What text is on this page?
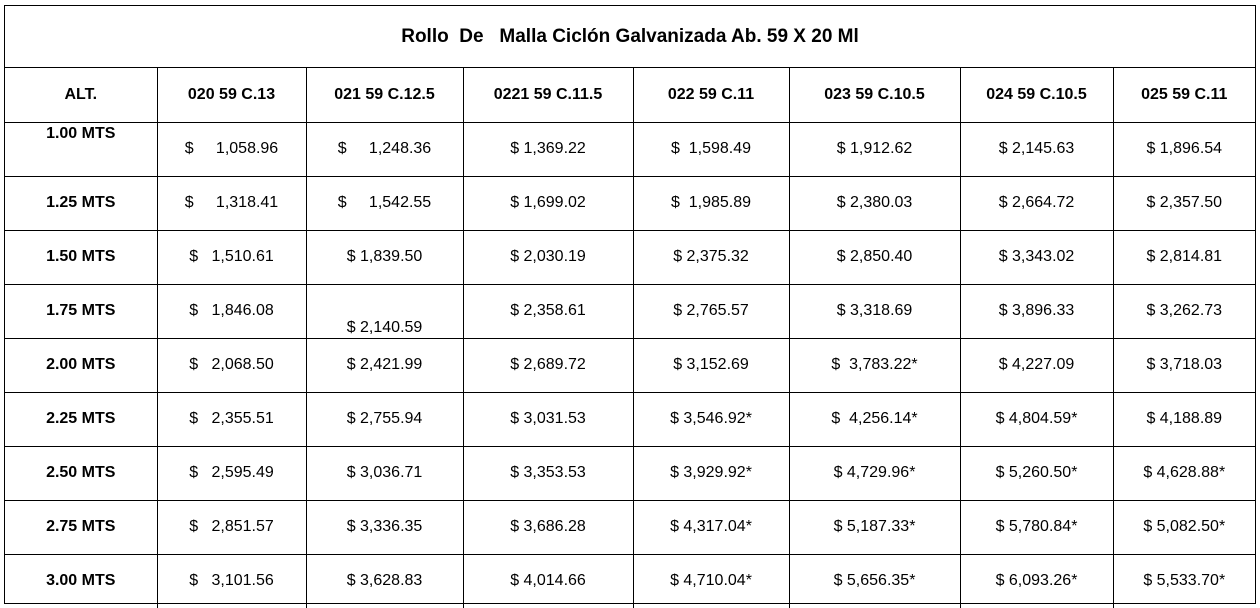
Rollo  De   Malla Ciclón Galvanizada Ab. 59 X 20 Ml
ALT.	020 59 C.13	021 59 C.12.5	0221 59 C.11.5	022 59 C.11	023 59 C.10.5	024 59 C.10.5	025 59 C.11
1.00 MTS	$     1,058.96	$     1,248.36	$ 1,369.22	$  1,598.49	$ 1,912.62	$ 2,145.63	$ 1,896.54
1.25 MTS	$     1,318.41	$     1,542.55	$ 1,699.02	$  1,985.89	$ 2,380.03	$ 2,664.72	$ 2,357.50
1.50 MTS	$   1,510.61	$ 1,839.50	$ 2,030.19	$ 2,375.32	$ 2,850.40	$ 3,343.02	$ 2,814.81
1.75 MTS	$   1,846.08	$ 2,140.59	$ 2,358.61	$ 2,765.57	$ 3,318.69	$ 3,896.33	$ 3,262.73
2.00 MTS	$   2,068.50	$ 2,421.99	$ 2,689.72	$ 3,152.69	$  3,783.22*	$ 4,227.09	$ 3,718.03
2.25 MTS	$   2,355.51	$ 2,755.94	$ 3,031.53	$ 3,546.92*	$  4,256.14*	$ 4,804.59*	$ 4,188.89
2.50 MTS	$   2,595.49	$ 3,036.71	$ 3,353.53	$ 3,929.92*	$ 4,729.96*	$ 5,260.50*	$ 4,628.88*
2.75 MTS	$   2,851.57	$ 3,336.35	$ 3,686.28	$ 4,317.04*	$ 5,187.33*	$ 5,780.84*	$ 5,082.50*
3.00 MTS	$   3,101.56	$ 3,628.83	$ 4,014.66	$ 4,710.04*	$ 5,656.35*	$ 6,093.26*	$ 5,533.70*
